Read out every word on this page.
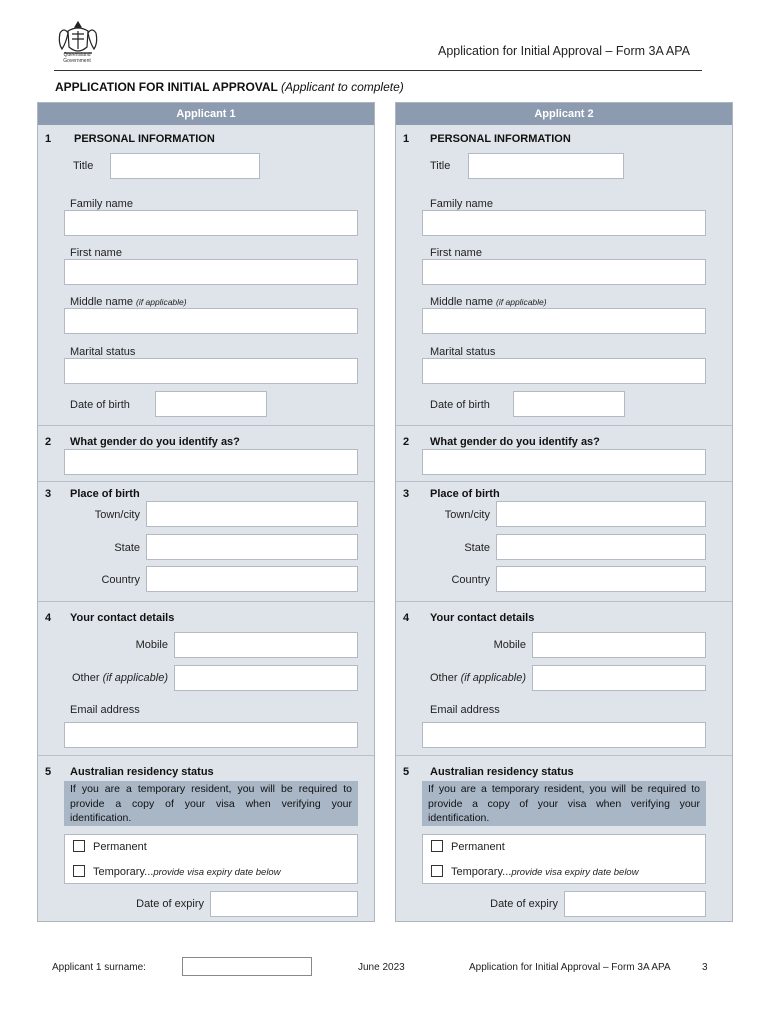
Queensland Government
Application for Initial Approval – Form 3A APA
APPLICATION FOR INITIAL APPROVAL (Applicant to complete)
Applicant 1
1 PERSONAL INFORMATION
Title
Family name
First name
Middle name (if applicable)
Marital status
Date of birth
2 What gender do you identify as?
3 Place of birth
Town/city
State
Country
4 Your contact details
Mobile
Other (if applicable)
Email address
5 Australian residency status
If you are a temporary resident, you will be required to provide a copy of your visa when verifying your identification.
Permanent
Temporary...provide visa expiry date below
Date of expiry
Applicant 2
1 PERSONAL INFORMATION
Title
Family name
First name
Middle name (if applicable)
Marital status
Date of birth
2 What gender do you identify as?
3 Place of birth
Town/city
State
Country
4 Your contact details
Mobile
Other (if applicable)
Email address
5 Australian residency status
If you are a temporary resident, you will be required to provide a copy of your visa when verifying your identification.
Permanent
Temporary...provide visa expiry date below
Date of expiry
Applicant 1 surname:	June 2023	Application for Initial Approval – Form 3A APA	3
